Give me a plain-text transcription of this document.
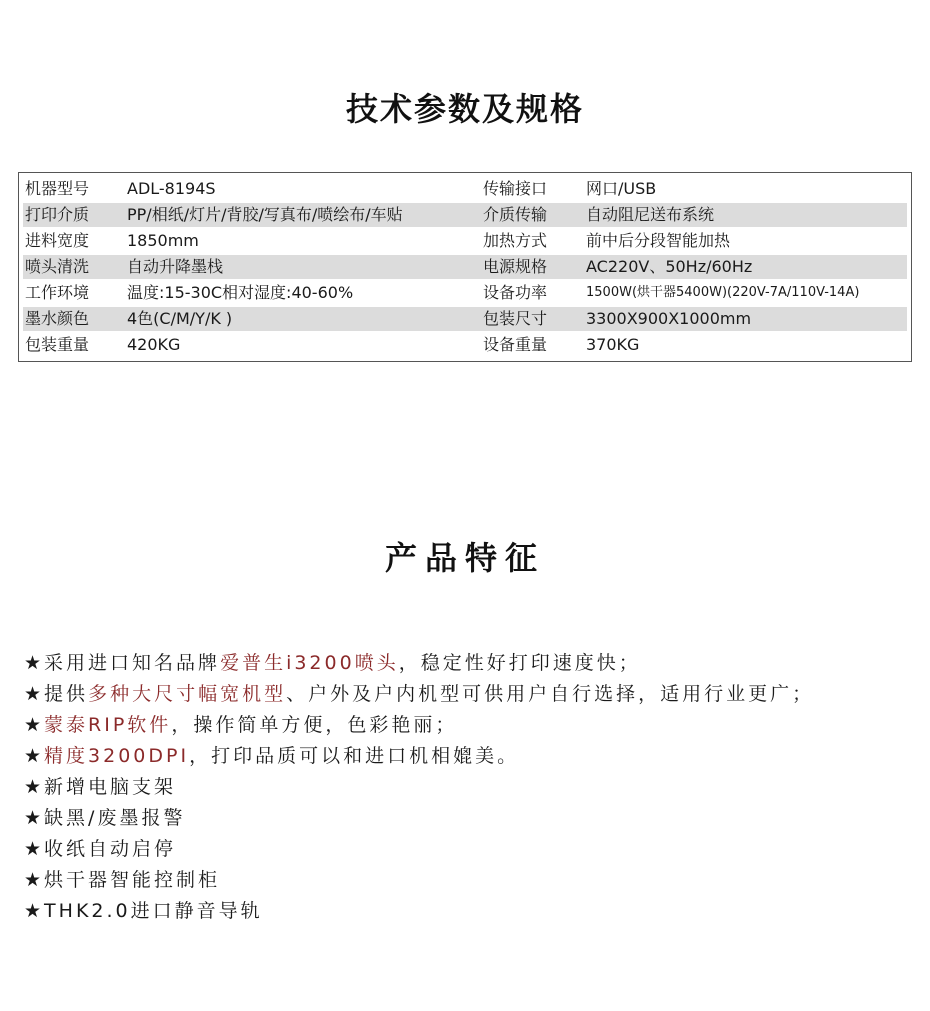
技术参数及规格
机器型号 ADL-8194S	传输接口 网口/USB
打印介质 PP/相纸/灯片/背胶/写真布/喷绘布/车贴	介质传输 自动阻尼送布系统
进料宽度 1850mm	加热方式 前中后分段智能加热
喷头清洗 自动升降墨栈	电源规格 AC220V、50Hz/60Hz
工作环境 温度:15-30C相对湿度:40-60%	设备功率	1500W(烘干器5400W)(220V-7A/110V-14A)
墨水颜色 4色(C/M/Y/K )	包装尺寸 3300X900X1000mm
包装重量 420KG	设备重量 370KG
产品特征
★采用进口知名品牌爱普生i3200喷头，稳定性好打印速度快；
★提供多种大尺寸幅宽机型、户外及户内机型可供用户自行选择，适用行业更广；
★蒙泰RIP软件，操作简单方便，色彩艳丽；
★精度3200DPI，打印品质可以和进口机相媲美。
★新增电脑支架
★缺黑/废墨报警
★收纸自动启停
★烘干器智能控制柜
★THK2.0进口静音导轨
